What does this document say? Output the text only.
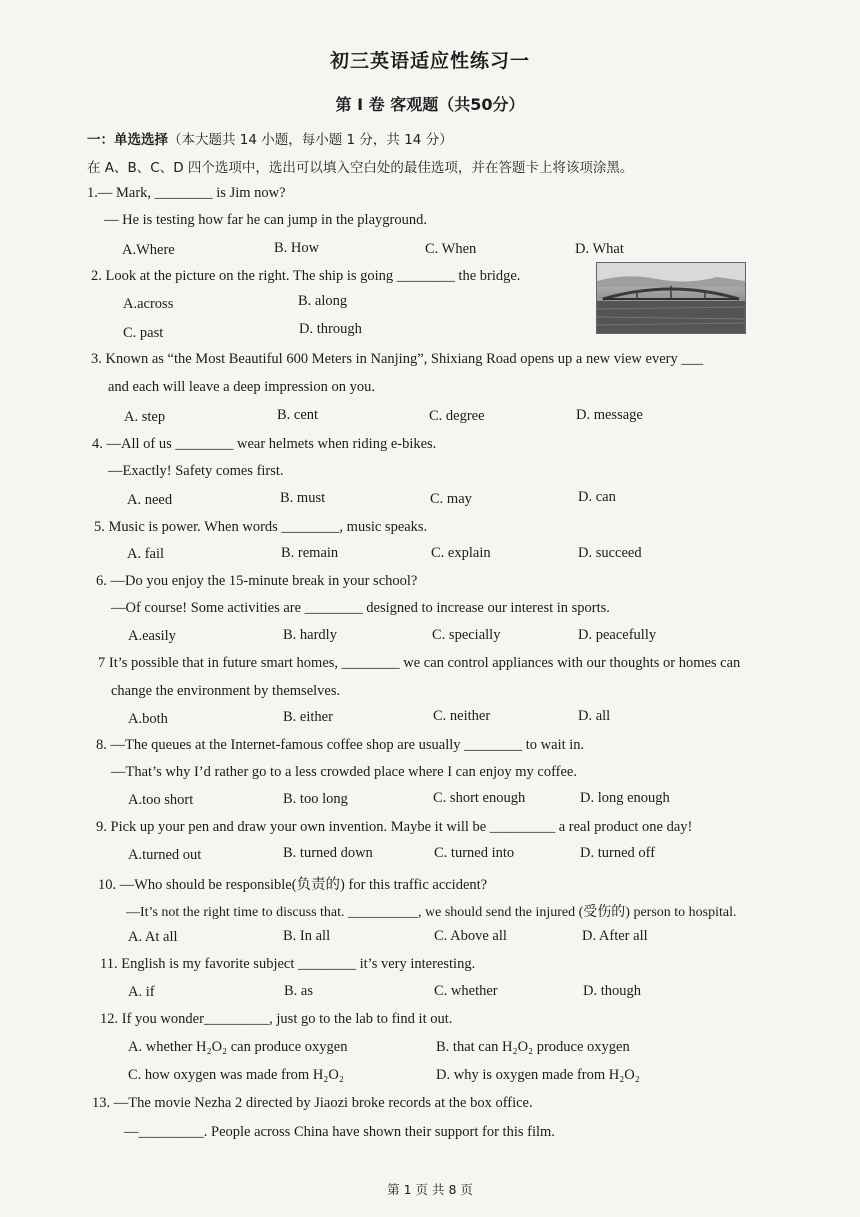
初三英语适应性练习一
第 I 卷 客观题（共50分）
一：单选选择（本大题共 14 小题，每小题 1 分，共 14 分）
在 A、B、C、D 四个选项中，选出可以填入空白处的最佳选项，并在答题卡上将该项涂黑。
1.— Mark, ________ is Jim now?
— He is testing how far he can jump in the playground.
A.Where	B. How	C. When	D. What
2. Look at the picture on the right. The ship is going ________ the bridge.
A.across	B. along
C. past	D. through
3. Known as “the Most Beautiful 600 Meters in Nanjing”, Shixiang Road opens up a new view every ___
and each will leave a deep impression on you.
A. step	B. cent	C. degree	D. message
4. —All of us ________ wear helmets when riding e-bikes.
—Exactly! Safety comes first.
A. need	B. must	C. may	D. can
5. Music is power. When words ________, music speaks.
A. fail	B. remain	C. explain	D. succeed
6. —Do you enjoy the 15-minute break in your school?
—Of course! Some activities are ________ designed to increase our interest in sports.
A.easily	B. hardly	C. specially	D. peacefully
7 It’s possible that in future smart homes, ________ we can control appliances with our thoughts or homes can
change the environment by themselves.
A.both	B. either	C. neither	D. all
8. —The queues at the Internet-famous coffee shop are usually ________ to wait in.
—That’s why I’d rather go to a less crowded place where I can enjoy my coffee.
A.too short	B. too long	C. short enough	D. long enough
9. Pick up your pen and draw your own invention. Maybe it will be _________ a real product one day!
A.turned out	B. turned down	C. turned into	D. turned off
10. —Who should be responsible(负责的) for this traffic accident?
—It’s not the right time to discuss that. __________, we should send the injured (受伤的) person to hospital.
A. At all	B. In all	C. Above all	D. After all
11. English is my favorite subject ________ it’s very interesting.
A. if	B. as	C. whether	D. though
12. If you wonder_________, just go to the lab to find it out.
A. whether H₂O₂ can produce oxygen	B. that can H₂O₂ produce oxygen
C. how oxygen was made from H₂O₂	D. why is oxygen made from H₂O₂
13. —The movie Nezha 2 directed by Jiaozi broke records at the box office.
—_________. People across China have shown their support for this film.
第 1 页 共 8 页
